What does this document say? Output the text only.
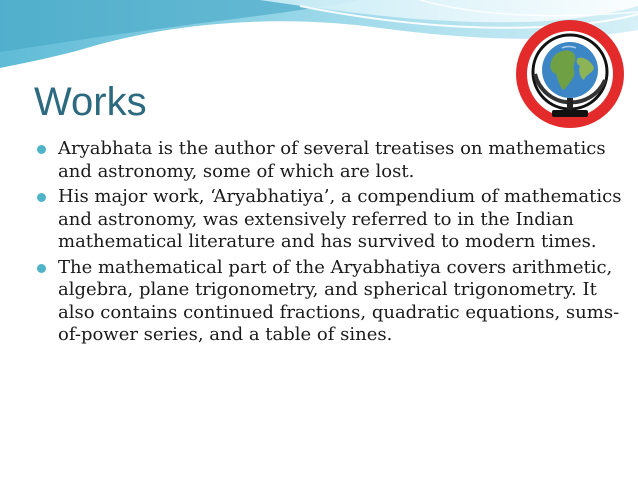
Works
Aryabhata is the author of several treatises on mathematics and astronomy, some of which are lost.
His major work, ‘Aryabhatiya’, a compendium of mathematics and astronomy, was extensively referred to in the Indian mathematical literature and has survived to modern times.
The mathematical part of the Aryabhatiya covers arithmetic, algebra, plane trigonometry, and spherical trigonometry. It also contains continued fractions, quadratic equations, sums-of-power series, and a table of sines.
